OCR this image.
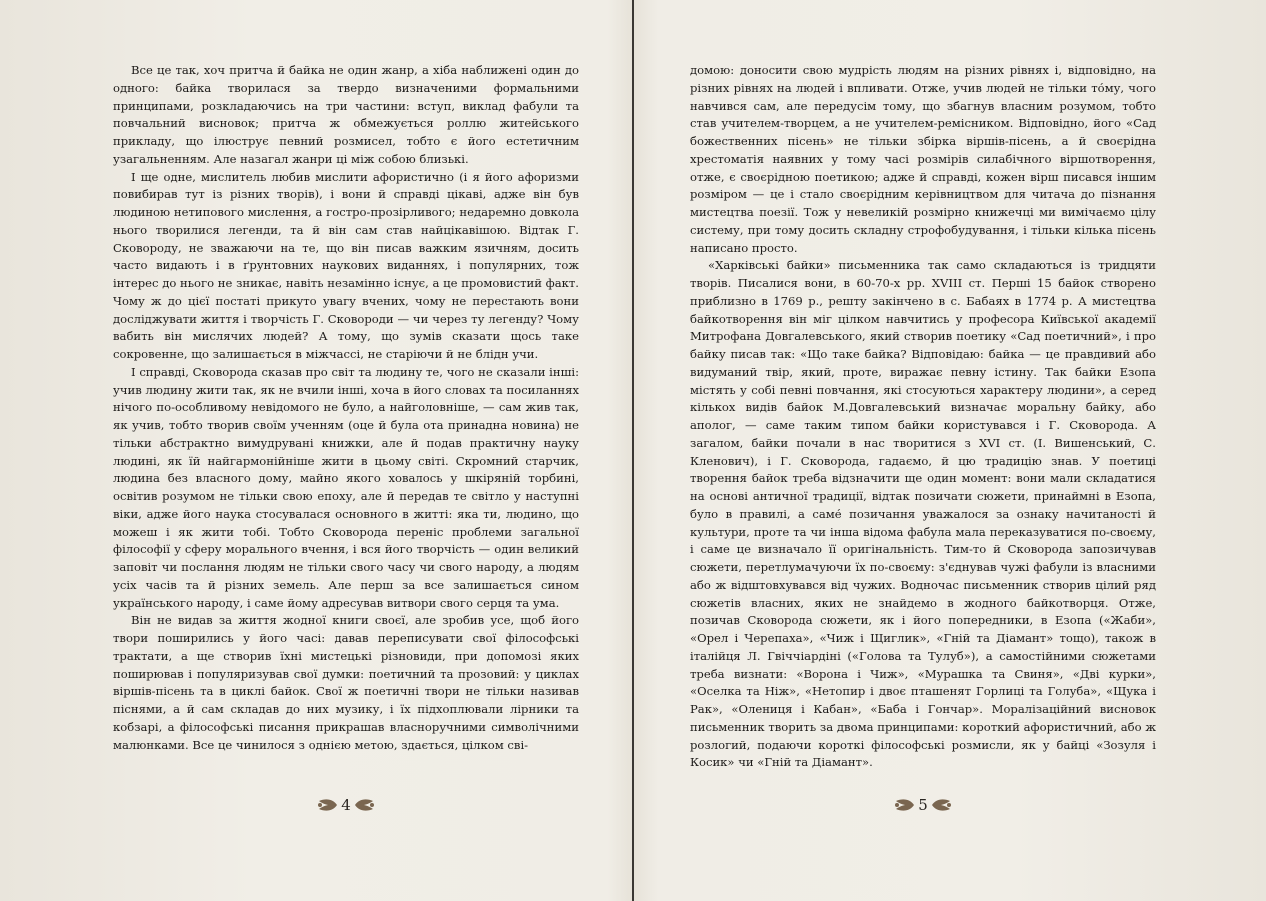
Все це так, хоч притча й байка не один жанр, а хіба наближені один до одного: байка творилася за твердо визначеними формальними принципами, розкладаючись на три частини: вступ, виклад фабули та повчальний висновок; притча ж обмежується роллю житейського прикладу, що ілюструє певний розмисел, тобто є його естетичним узагальненням. Але назагал жанри ці між собою близькі.

І ще одне, мислитель любив мислити афористично (і я його афоризми повибирав тут із різних творів), і вони й справді цікаві, адже він був людиною нетипового мислення, а гостро-прозірливого; недаремно довкола нього творилися легенди, та й він сам став найцікавішою. Відтак Г. Сковороду, не зважаючи на те, що він писав важким язичням, досить часто видають і в ґрунтовних наукових виданнях, і популярних, тож інтерес до нього не зникає, навіть незамінно існує, а це промовистий факт. Чому ж до цієї постаті прикуто увагу вчених, чому не перестають вони досліджувати життя і творчість Г. Сковороди — чи через ту легенду? Чому вабить він мислячих людей? А тому, що зумів сказати щось таке сокровенне, що залишається в міжчассі, не старіючи й не блідн учи.

І справді, Сковорода сказав про світ та людину те, чого не сказали інші: учив людину жити так, як не вчили інші, хоча в його словах та посиланнях нічого по-особливому невідомого не було, а найголовніше, — сам жив так, як учив, тобто творив своїм ученням (оце й була ота принадна новина) не тільки абстрактно вимудрувані книжки, але й подав практичну науку людині, як їй найгармонійніше жити в цьому світі. Скромний старчик, людина без власного дому, майно якого ховалось у шкіряній торбині, освітив розумом не тільки свою епоху, але й передав те світло у наступні віки, адже його наука стосувалася основного в житті: яка ти, людино, що можеш і як жити тобі. Тобто Сковорода переніс проблеми загальної філософії у сферу морального вчення, і вся його творчість — один великий заповіт чи послання людям не тільки свого часу чи свого народу, а людям усіх часів та й різних земель. Але перш за все залишається сином українського народу, і саме йому адресував витвори свого серця та ума.

Він не видав за життя жодної книги своєї, але зробив усе, щоб його твори поширились у його часі: давав переписувати свої філософські трактати, а ще створив їхні мистецькі різновиди, при допомозі яких поширював і популяризував свої думки: поетичний та прозовий: у циклах віршів-пісень та в циклі байок. Свої ж поетичні твори не тільки називав піснями, а й сам складав до них музику, і їх підхоплювали лірники та кобзарі, а філософські писання прикрашав власноручними символічними малюнками. Все це чинилося з однією метою, здається, цілком сві-

4

домою: доносити свою мудрість людям на різних рівнях і, відповідно, на різних рівнях на людей і впливати. Отже, учив людей не тільки то́му, чого навчився сам, але передусім тому, що збагнув власним розумом, тобто став учителем-творцем, а не учителем-ремісником. Відповідно, його «Сад божественних пісень» не тільки збірка віршів-пісень, а й своєрідна хрестоматія наявних у тому часі розмірів силабічного віршотворення, отже, є своєрідною поетикою; адже й справді, кожен вірш писався іншим розміром — це і стало своєрідним керівництвом для читача до пізнання мистецтва поезії. Тож у невеликій розмірно книжечці ми вимічаємо цілу систему, при тому досить складну строфобудування, і тільки кілька пісень написано просто.

«Харківські байки» письменника так само складаються із тридцяти творів. Писалися вони, в 60-70-х рр. XVIII ст. Перші 15 байок створено приблизно в 1769 р., решту закінчено в с. Бабаях в 1774 р. А мистецтва байкотворення він міг цілком навчитись у професора Київської академії Митрофана Довгалевського, який створив поетику «Сад поетичний», і про байку писав так: «Що таке байка? Відповідаю: байка — це правдивий або видуманий твір, який, проте, виражає певну істину. Так байки Езопа містять у собі певні повчання, які стосуються характеру людини», а серед кількох видів байок М.Довгалевський визначає моральну байку, або аполог, — саме таким типом байки користувався і Г. Сковорода. А загалом, байки почали в нас творитися з XVI ст. (І. Вишенський, С. Кленович), і Г. Сковорода, гадаємо, й цю традицію знав. У поетиці творення байок треба відзначити ще один момент: вони мали складатися на основі античної традиції, відтак позичати сюжети, принаймні в Езопа, було в правилі, а саме́ позичання уважалося за ознаку начитаності й культури, проте та чи інша відома фабула мала переказуватися по-своєму, і саме це визначало її оригінальність. Тим-то й Сковорода запозичував сюжети, перетлумачуючи їх по-своєму: з'єднував чужі фабули із власними або ж відштовхувався від чужих. Водночас письменник створив цілий ряд сюжетів власних, яких не знайдемо в жодного байкотворця. Отже, позичав Сковорода сюжети, як і його попередники, в Езопа («Жаби», «Орел і Черепаха», «Чиж і Щиглик», «Гній та Діамант» тощо), також в італійця Л. Гвіччіардіні («Голова та Тулуб»), а самостійними сюжетами треба визнати: «Ворона і Чиж», «Мурашка та Свиня», «Дві курки», «Оселка та Ніж», «Нетопир і двоє пташенят Горлиці та Голуба», «Щука і Рак», «Олениця і Кабан», «Баба і Гончар». Моралізаційний висновок письменник творить за двома принципами: короткий афористичний, або ж розлогий, подаючи короткі філософські розмисли, як у байці «Зозуля і Косик» чи «Гній та Діамант».

5
